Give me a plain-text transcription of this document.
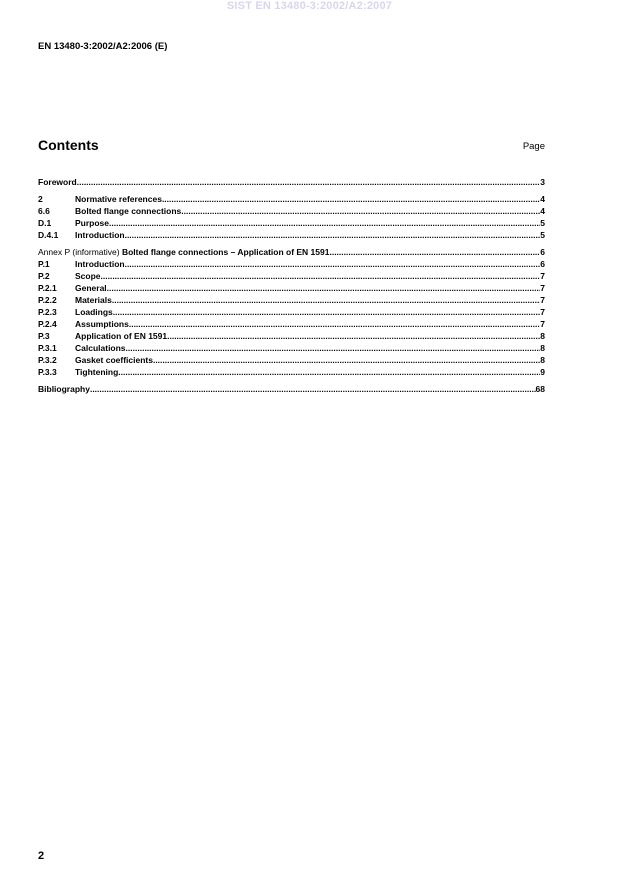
SIST EN 13480-3:2002/A2:2007
EN 13480-3:2002/A2:2006 (E)
Contents	Page
Foreword .....	3
2	Normative references .....	4
6.6	Bolted flange connections .....	4
D.1	Purpose .....	5
D.4.1	Introduction .....	5
Annex P (informative) Bolted flange connections – Application of EN 1591 .....	6
P.1	Introduction .....	6
P.2	Scope .....	7
P.2.1	General .....	7
P.2.2	Materials .....	7
P.2.3	Loadings .....	7
P.2.4	Assumptions .....	7
P.3	Application of EN 1591 .....	8
P.3.1	Calculations .....	8
P.3.2	Gasket coefficients .....	8
P.3.3	Tightening .....	9
Bibliography .....	68
2
